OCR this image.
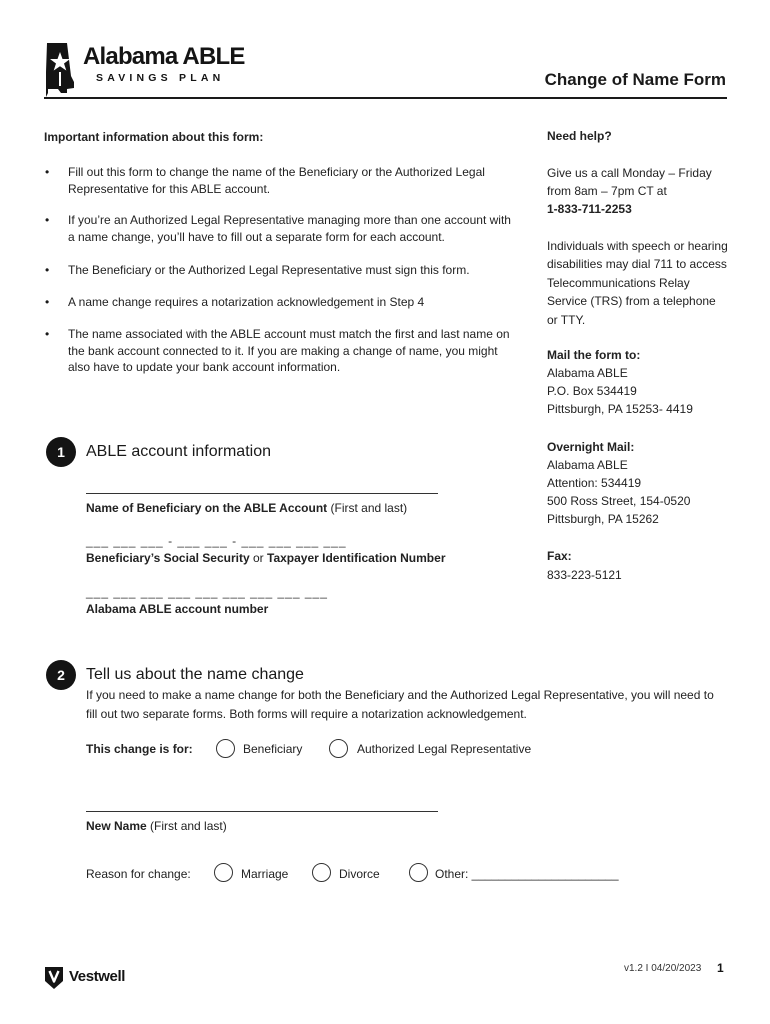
Alabama ABLE
SAVINGS PLAN	Change of Name Form
Important information about this form:
• Fill out this form to change the name of the Beneficiary or the Authorized Legal Representative for this ABLE account.
• If you’re an Authorized Legal Representative managing more than one account with a name change, you’ll have to fill out a separate form for each account.
• The Beneficiary or the Authorized Legal Representative must sign this form.
• A name change requires a notarization acknowledgement in Step 4
• The name associated with the ABLE account must match the first and last name on the bank account connected to it. If you are making a change of name, you might also have to update your bank account information.
1	ABLE account information
Name of Beneficiary on the ABLE Account (First and last)
___ ___ ___ - ___ ___ - ___ ___ ___ ___
Beneficiary’s Social Security or Taxpayer Identification Number
___ ___ ___ ___ ___ ___ ___ ___ ___
Alabama ABLE account number
2	Tell us about the name change
If you need to make a name change for both the Beneficiary and the Authorized Legal Representative, you will need to fill out two separate forms. Both forms will require a notarization acknowledgement.
This change is for:	Beneficiary	Authorized Legal Representative
New Name (First and last)
Reason for change:	Marriage	Divorce	Other: ______________________
Need help?
Give us a call Monday – Friday from 8am – 7pm CT at
1-833-711-2253
Individuals with speech or hearing disabilities may dial 711 to access Telecommunications Relay Service (TRS) from a telephone or TTY.
Mail the form to:
Alabama ABLE
P.O. Box 534419
Pittsburgh, PA 15253- 4419
Overnight Mail:
Alabama ABLE
Attention: 534419
500 Ross Street, 154-0520
Pittsburgh, PA 15262
Fax:
833-223-5121
Vestwell	v1.2 I 04/20/2023 1
